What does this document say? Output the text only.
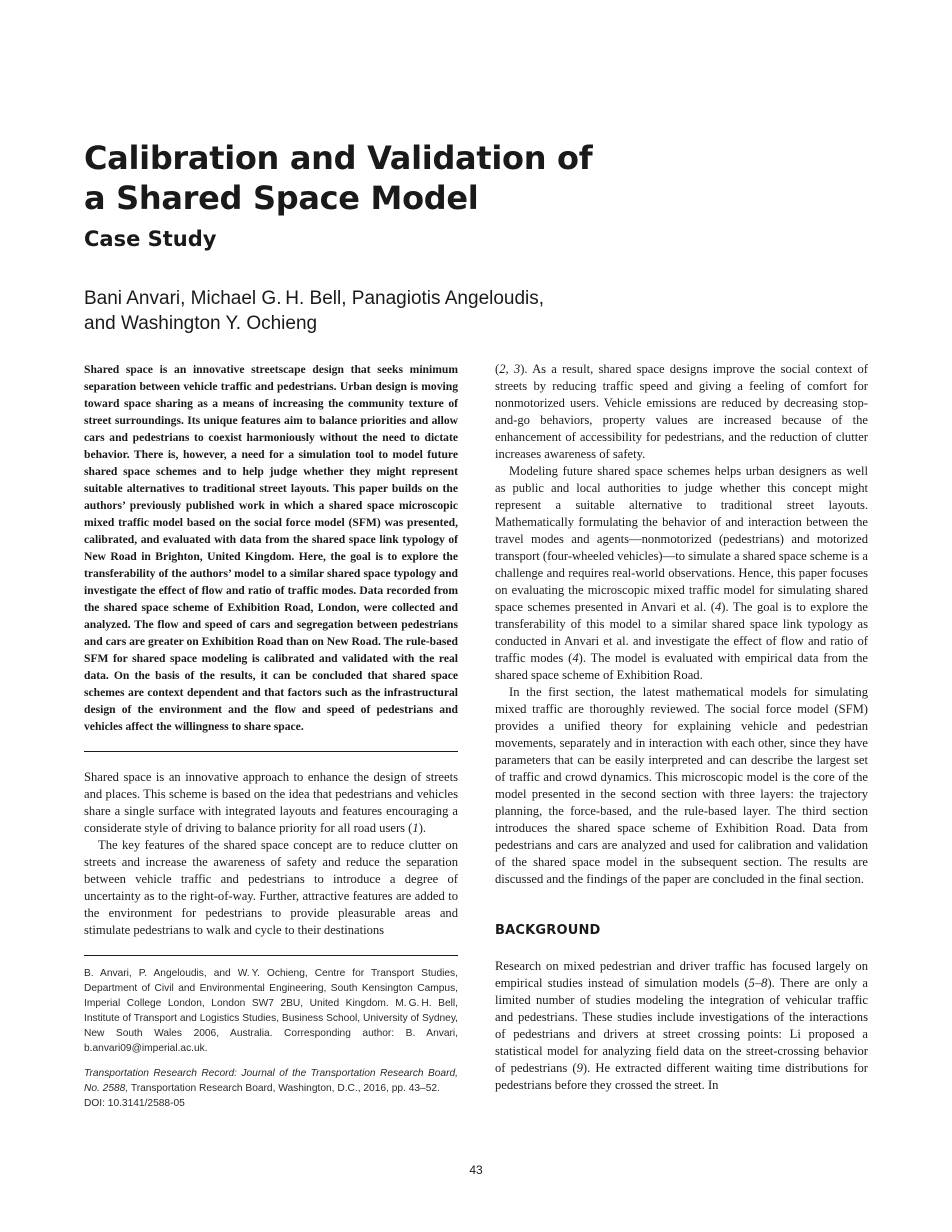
Calibration and Validation of
a Shared Space Model
Case Study
Bani Anvari, Michael G. H. Bell, Panagiotis Angeloudis,
and Washington Y. Ochieng

Shared space is an innovative streetscape design that seeks minimum separation between vehicle traffic and pedestrians. Urban design is moving toward space sharing as a means of increasing the community texture of street surroundings. Its unique features aim to balance priorities and allow cars and pedestrians to coexist harmoniously without the need to dictate behavior. There is, however, a need for a simulation tool to model future shared space schemes and to help judge whether they might represent suitable alternatives to traditional street layouts. This paper builds on the authors’ previously published work in which a shared space microscopic mixed traffic model based on the social force model (SFM) was presented, calibrated, and evaluated with data from the shared space link typology of New Road in Brighton, United Kingdom. Here, the goal is to explore the transferability of the authors’ model to a similar shared space typology and investigate the effect of flow and ratio of traffic modes. Data recorded from the shared space scheme of Exhibition Road, London, were collected and analyzed. The flow and speed of cars and segregation between pedestrians and cars are greater on Exhibition Road than on New Road. The rule-based SFM for shared space modeling is calibrated and validated with the real data. On the basis of the results, it can be concluded that shared space schemes are context dependent and that factors such as the infrastructural design of the environment and the flow and speed of pedestrians and vehicles affect the willingness to share space.

Shared space is an innovative approach to enhance the design of streets and places. This scheme is based on the idea that pedestrians and vehicles share a single surface with integrated layouts and features encouraging a considerate style of driving to balance priority for all road users (1).

The key features of the shared space concept are to reduce clutter on streets and increase the awareness of safety and reduce the separation between vehicle traffic and pedestrians to introduce a degree of uncertainty as to the right-of-way. Further, attractive features are added to the environment for pedestrians to provide pleasurable areas and stimulate pedestrians to walk and cycle to their destinations

B. Anvari, P. Angeloudis, and W. Y. Ochieng, Centre for Transport Studies, Department of Civil and Environmental Engineering, South Kensington Campus, Imperial College London, London SW7 2BU, United Kingdom. M. G. H. Bell, Institute of Transport and Logistics Studies, Business School, University of Sydney, New South Wales 2006, Australia. Corresponding author: B. Anvari, b.anvari09@imperial.ac.uk.

Transportation Research Record: Journal of the Transportation Research Board, No. 2588, Transportation Research Board, Washington, D.C., 2016, pp. 43–52.
DOI: 10.3141/2588-05

(2, 3). As a result, shared space designs improve the social context of streets by reducing traffic speed and giving a feeling of comfort for nonmotorized users. Vehicle emissions are reduced by decreasing stop-and-go behaviors, property values are increased because of the enhancement of accessibility for pedestrians, and the reduction of clutter increases awareness of safety.

Modeling future shared space schemes helps urban designers as well as public and local authorities to judge whether this concept might represent a suitable alternative to traditional street layouts. Mathematically formulating the behavior of and interaction between the travel modes and agents—nonmotorized (pedestrians) and motorized transport (four-wheeled vehicles)—to simulate a shared space scheme is a challenge and requires real-world observations. Hence, this paper focuses on evaluating the microscopic mixed traffic model for simulating shared space schemes presented in Anvari et al. (4). The goal is to explore the transferability of this model to a similar shared space link typology as conducted in Anvari et al. and investigate the effect of flow and ratio of traffic modes (4). The model is evaluated with empirical data from the shared space scheme of Exhibition Road.

In the first section, the latest mathematical models for simulating mixed traffic are thoroughly reviewed. The social force model (SFM) provides a unified theory for explaining vehicle and pedestrian movements, separately and in interaction with each other, since they have parameters that can be easily interpreted and can describe the largest set of traffic and crowd dynamics. This microscopic model is the core of the model presented in the second section with three layers: the trajectory planning, the force-based, and the rule-based layer. The third section introduces the shared space scheme of Exhibition Road. Data from pedestrians and cars are analyzed and used for calibration and validation of the shared space model in the subsequent section. The results are discussed and the findings of the paper are concluded in the final section.

BACKGROUND

Research on mixed pedestrian and driver traffic has focused largely on empirical studies instead of simulation models (5–8). There are only a limited number of studies modeling the integration of vehicular traffic and pedestrians. These studies include investigations of the interactions of pedestrians and drivers at street crossing points: Li proposed a statistical model for analyzing field data on the street-crossing behavior of pedestrians (9). He extracted different waiting time distributions for pedestrians before they crossed the street. In

43
